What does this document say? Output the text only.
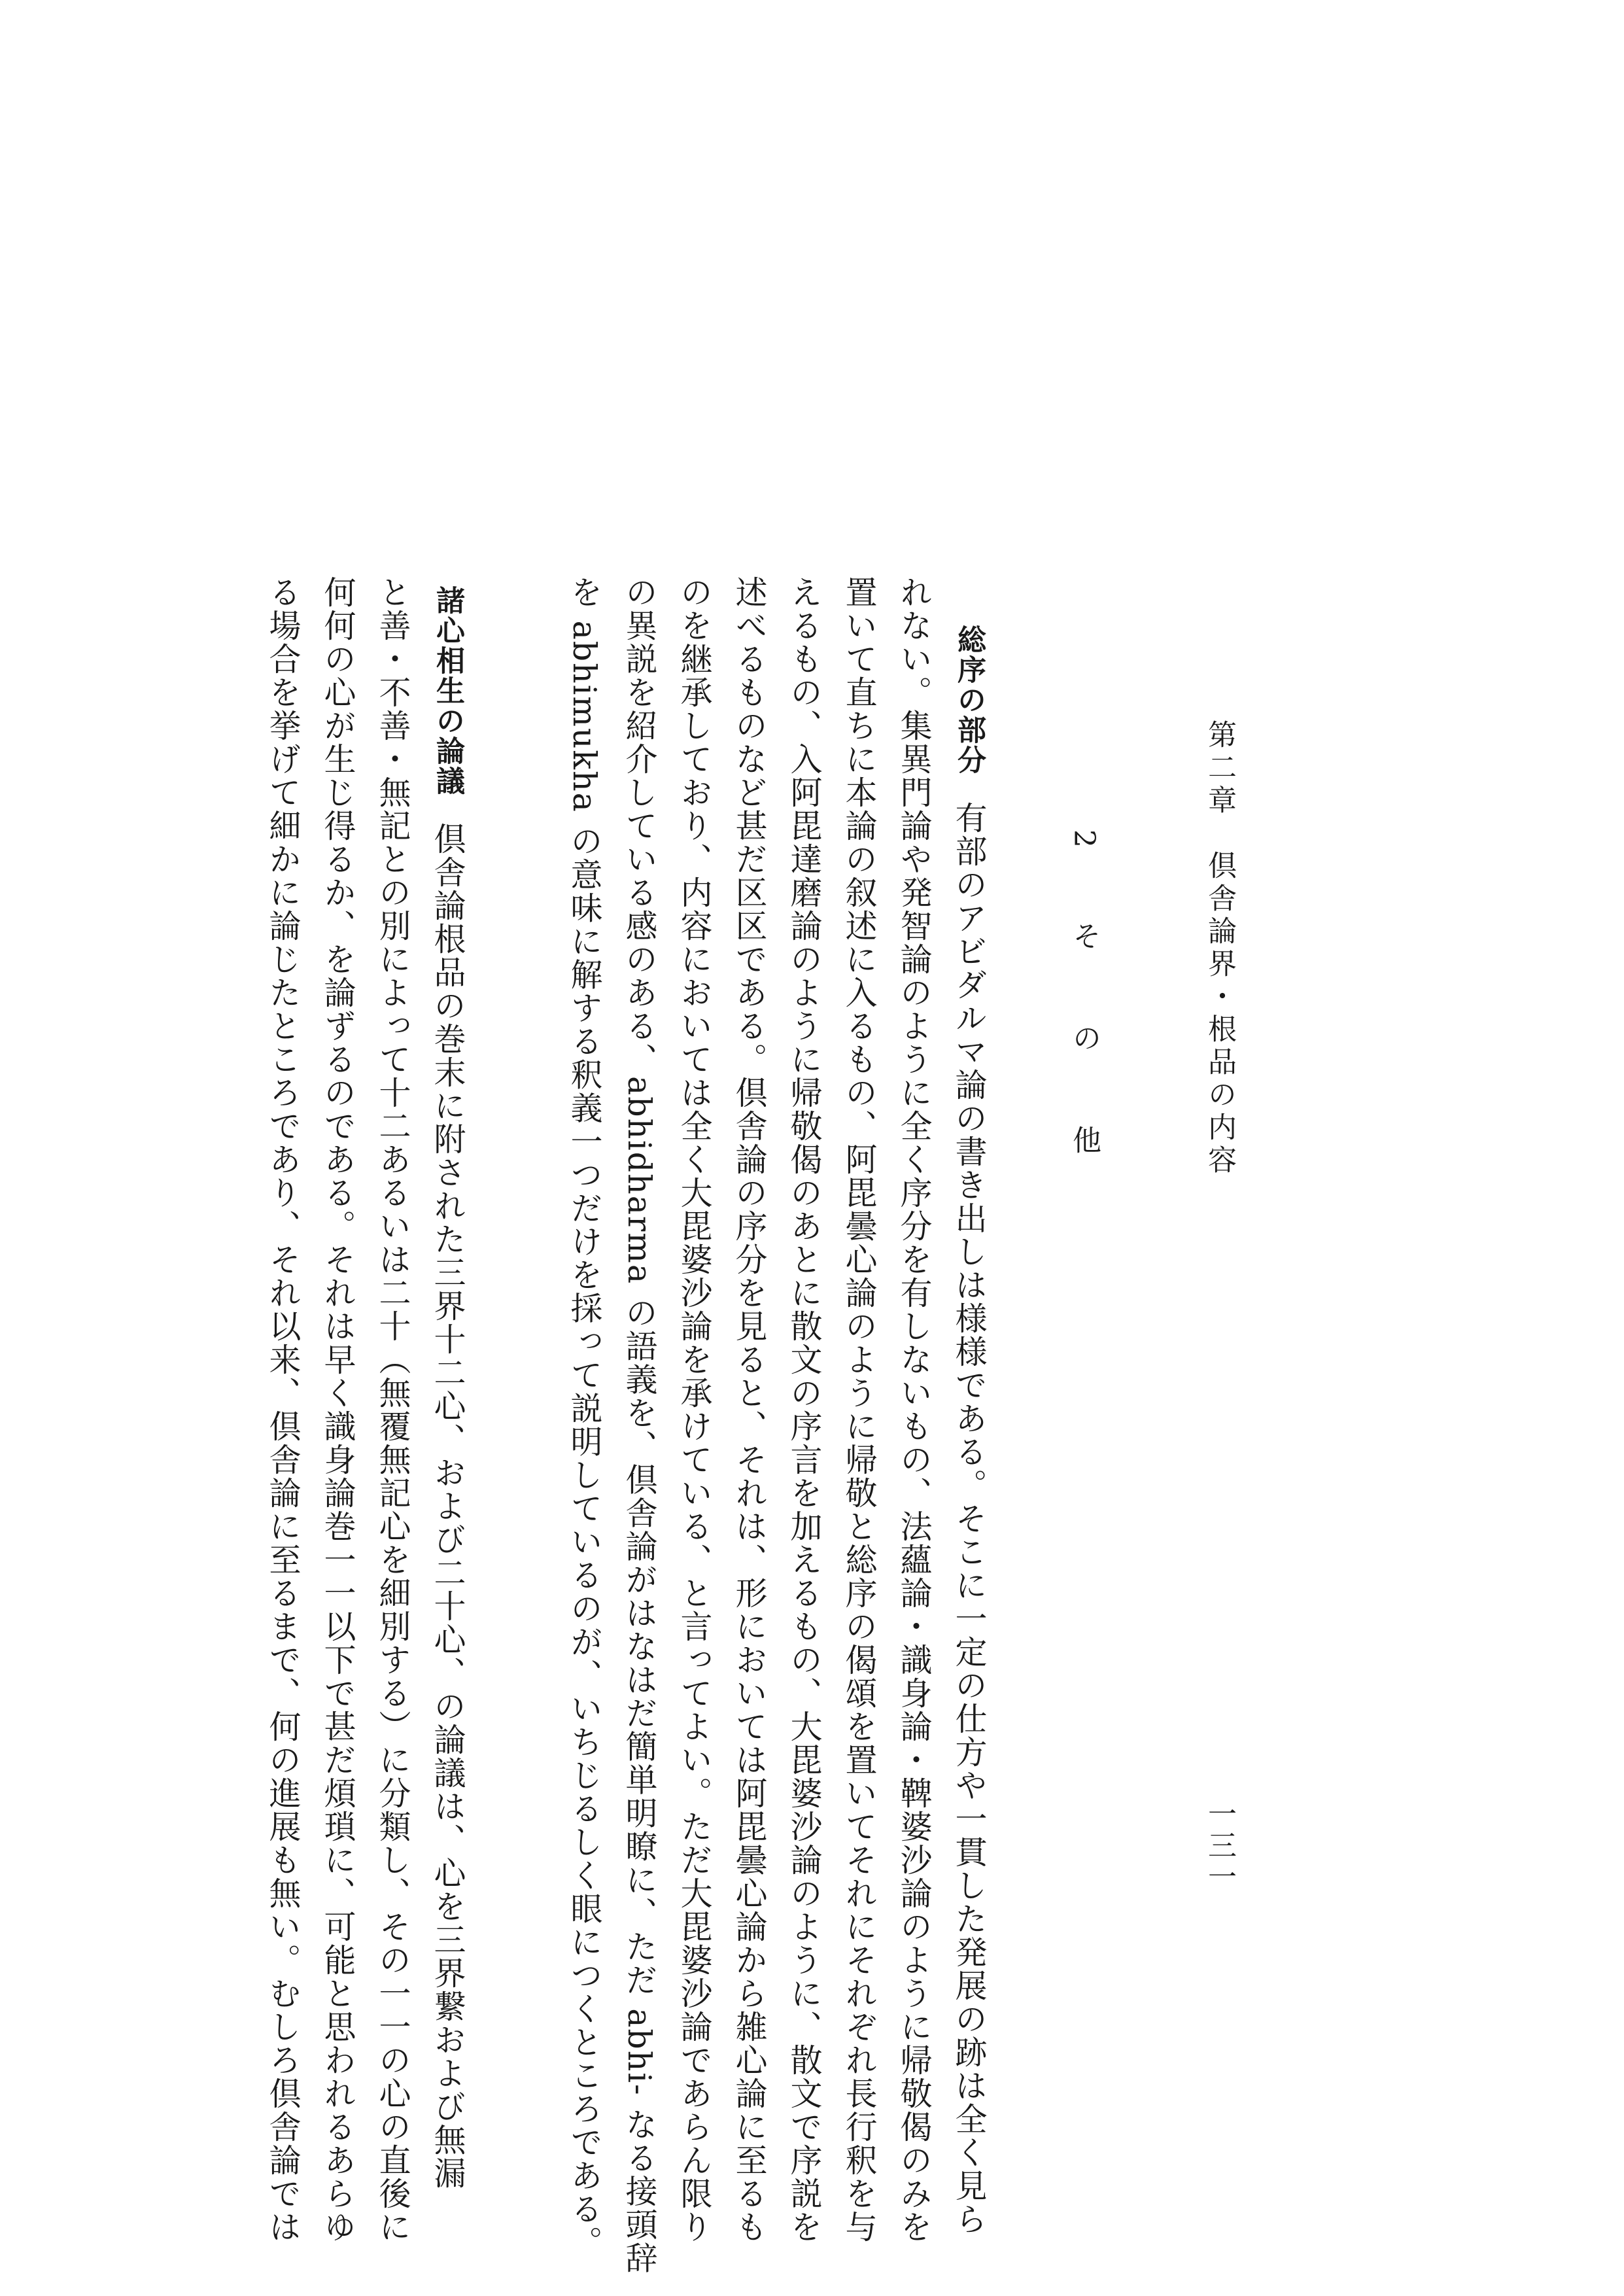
第二章　倶舎論界・根品の内容
一三一
2　そ　の　他
総序の部分有部のアビダルマ論の書き出しは様様である。そこに一定の仕方や一貫した発展の跡は全く見ら
れない。集異門論や発智論のように全く序分を有しないもの、法蘊論・識身論・鞞婆沙論のように帰敬偈のみを
置いて直ちに本論の叙述に入るもの、阿毘曇心論のように帰敬と総序の偈頌を置いてそれにそれぞれ長行釈を与
えるもの、入阿毘達磨論のように帰敬偈のあとに散文の序言を加えるもの、大毘婆沙論のように、散文で序説を
述べるものなど甚だ区区である。倶舎論の序分を見ると、それは、形においては阿毘曇心論から雑心論に至るも
のを継承しており、内容においては全く大毘婆沙論を承けている、と言ってよい。ただ大毘婆沙論であらん限り
の異説を紹介している感のある、abhidharma の語義を、倶舎論がはなはだ簡単明瞭に、ただ abhi- なる接頭辞
を abhimukha の意味に解する釈義一つだけを採って説明しているのが、いちじるしく眼につくところである。
諸心相生の論議倶舎論根品の巻末に附された三界十二心、および二十心、の論議は、心を三界繋および無漏
と善・不善・無記との別によって十二あるいは二十（無覆無記心を細別する）に分類し、その一一の心の直後に
何何の心が生じ得るか、を論ずるのである。それは早く識身論巻一一以下で甚だ煩瑣に、可能と思われるあらゆ
る場合を挙げて細かに論じたところであり、それ以来、倶舎論に至るまで、何の進展も無い。むしろ倶舎論では
